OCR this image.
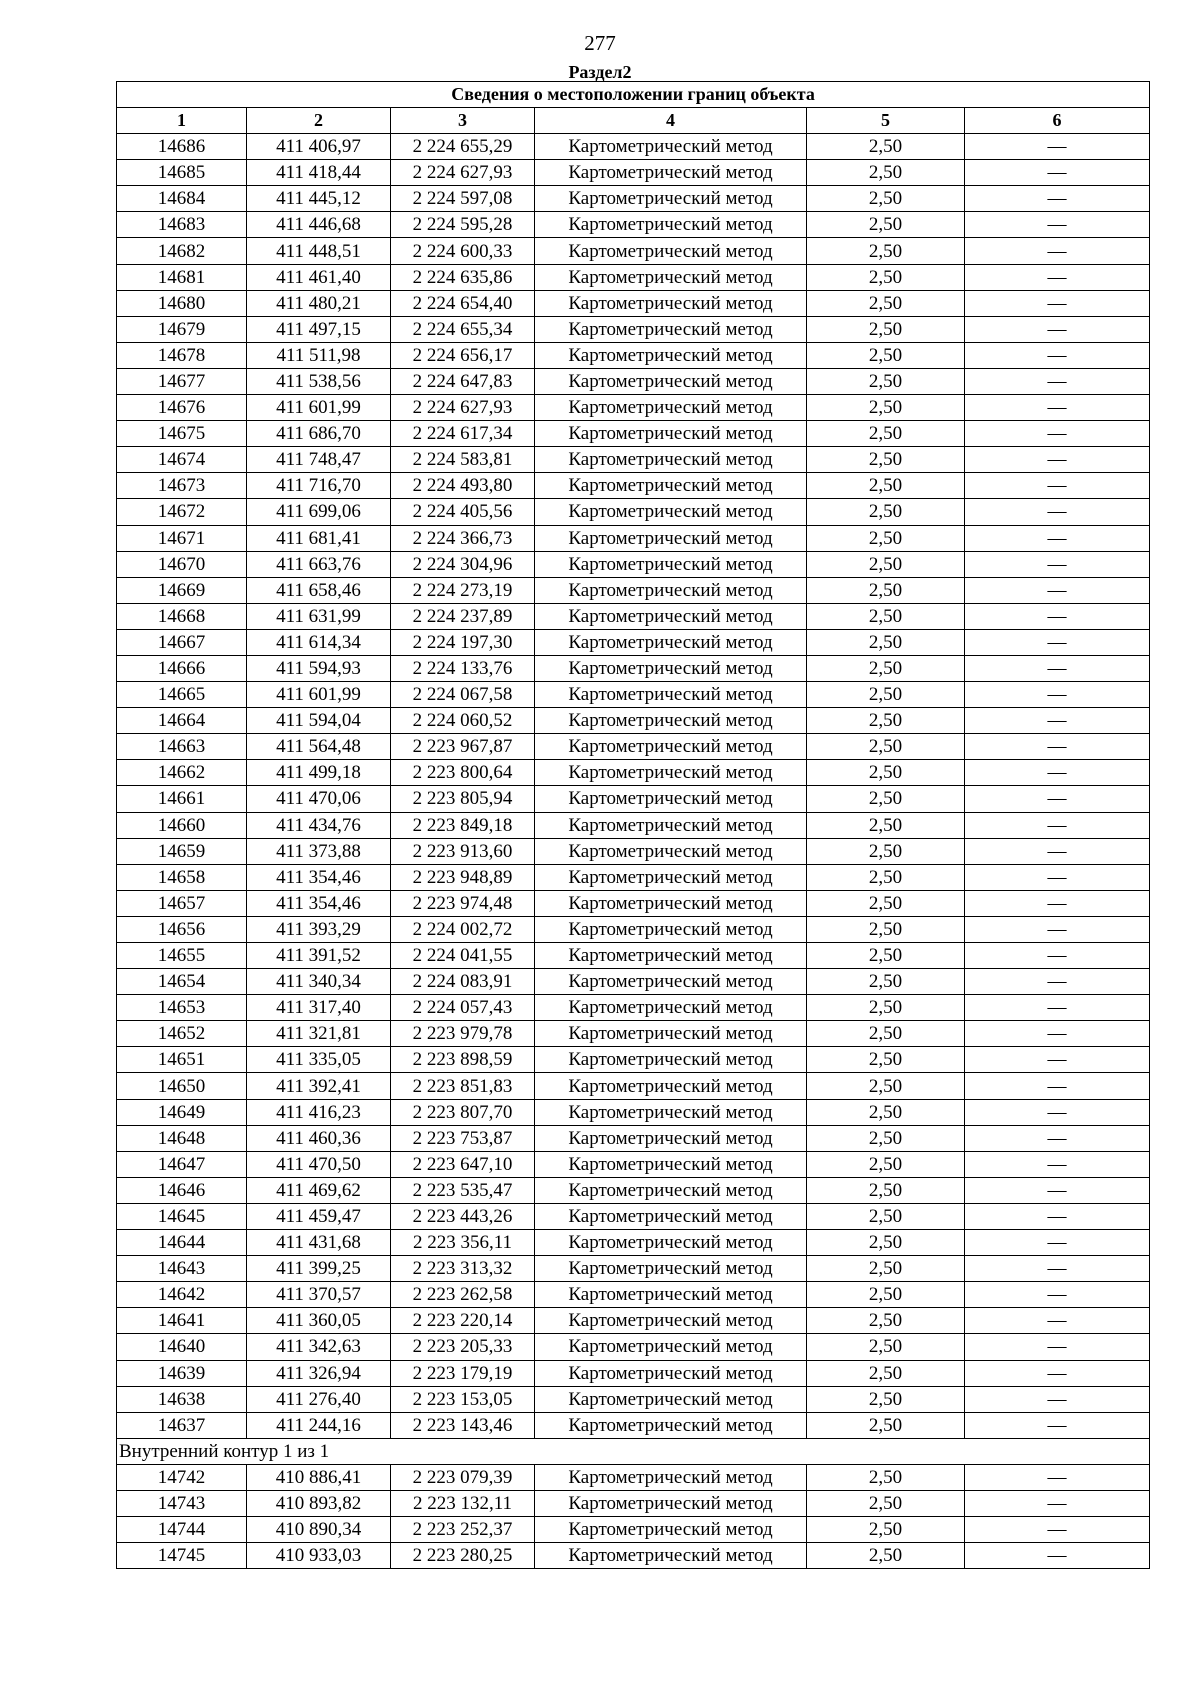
277
Раздел2
Сведения о местоположении границ объекта					
1	2	3	4	5	6
14686	411 406,97	2 224 655,29	Картометрический метод	2,50	—
14685	411 418,44	2 224 627,93	Картометрический метод	2,50	—
14684	411 445,12	2 224 597,08	Картометрический метод	2,50	—
14683	411 446,68	2 224 595,28	Картометрический метод	2,50	—
14682	411 448,51	2 224 600,33	Картометрический метод	2,50	—
14681	411 461,40	2 224 635,86	Картометрический метод	2,50	—
14680	411 480,21	2 224 654,40	Картометрический метод	2,50	—
14679	411 497,15	2 224 655,34	Картометрический метод	2,50	—
14678	411 511,98	2 224 656,17	Картометрический метод	2,50	—
14677	411 538,56	2 224 647,83	Картометрический метод	2,50	—
14676	411 601,99	2 224 627,93	Картометрический метод	2,50	—
14675	411 686,70	2 224 617,34	Картометрический метод	2,50	—
14674	411 748,47	2 224 583,81	Картометрический метод	2,50	—
14673	411 716,70	2 224 493,80	Картометрический метод	2,50	—
14672	411 699,06	2 224 405,56	Картометрический метод	2,50	—
14671	411 681,41	2 224 366,73	Картометрический метод	2,50	—
14670	411 663,76	2 224 304,96	Картометрический метод	2,50	—
14669	411 658,46	2 224 273,19	Картометрический метод	2,50	—
14668	411 631,99	2 224 237,89	Картометрический метод	2,50	—
14667	411 614,34	2 224 197,30	Картометрический метод	2,50	—
14666	411 594,93	2 224 133,76	Картометрический метод	2,50	—
14665	411 601,99	2 224 067,58	Картометрический метод	2,50	—
14664	411 594,04	2 224 060,52	Картометрический метод	2,50	—
14663	411 564,48	2 223 967,87	Картометрический метод	2,50	—
14662	411 499,18	2 223 800,64	Картометрический метод	2,50	—
14661	411 470,06	2 223 805,94	Картометрический метод	2,50	—
14660	411 434,76	2 223 849,18	Картометрический метод	2,50	—
14659	411 373,88	2 223 913,60	Картометрический метод	2,50	—
14658	411 354,46	2 223 948,89	Картометрический метод	2,50	—
14657	411 354,46	2 223 974,48	Картометрический метод	2,50	—
14656	411 393,29	2 224 002,72	Картометрический метод	2,50	—
14655	411 391,52	2 224 041,55	Картометрический метод	2,50	—
14654	411 340,34	2 224 083,91	Картометрический метод	2,50	—
14653	411 317,40	2 224 057,43	Картометрический метод	2,50	—
14652	411 321,81	2 223 979,78	Картометрический метод	2,50	—
14651	411 335,05	2 223 898,59	Картометрический метод	2,50	—
14650	411 392,41	2 223 851,83	Картометрический метод	2,50	—
14649	411 416,23	2 223 807,70	Картометрический метод	2,50	—
14648	411 460,36	2 223 753,87	Картометрический метод	2,50	—
14647	411 470,50	2 223 647,10	Картометрический метод	2,50	—
14646	411 469,62	2 223 535,47	Картометрический метод	2,50	—
14645	411 459,47	2 223 443,26	Картометрический метод	2,50	—
14644	411 431,68	2 223 356,11	Картометрический метод	2,50	—
14643	411 399,25	2 223 313,32	Картометрический метод	2,50	—
14642	411 370,57	2 223 262,58	Картометрический метод	2,50	—
14641	411 360,05	2 223 220,14	Картометрический метод	2,50	—
14640	411 342,63	2 223 205,33	Картометрический метод	2,50	—
14639	411 326,94	2 223 179,19	Картометрический метод	2,50	—
14638	411 276,40	2 223 153,05	Картометрический метод	2,50	—
14637	411 244,16	2 223 143,46	Картометрический метод	2,50	—
Внутренний контур 1 из 1					
14742	410 886,41	2 223 079,39	Картометрический метод	2,50	—
14743	410 893,82	2 223 132,11	Картометрический метод	2,50	—
14744	410 890,34	2 223 252,37	Картометрический метод	2,50	—
14745	410 933,03	2 223 280,25	Картометрический метод	2,50	—
